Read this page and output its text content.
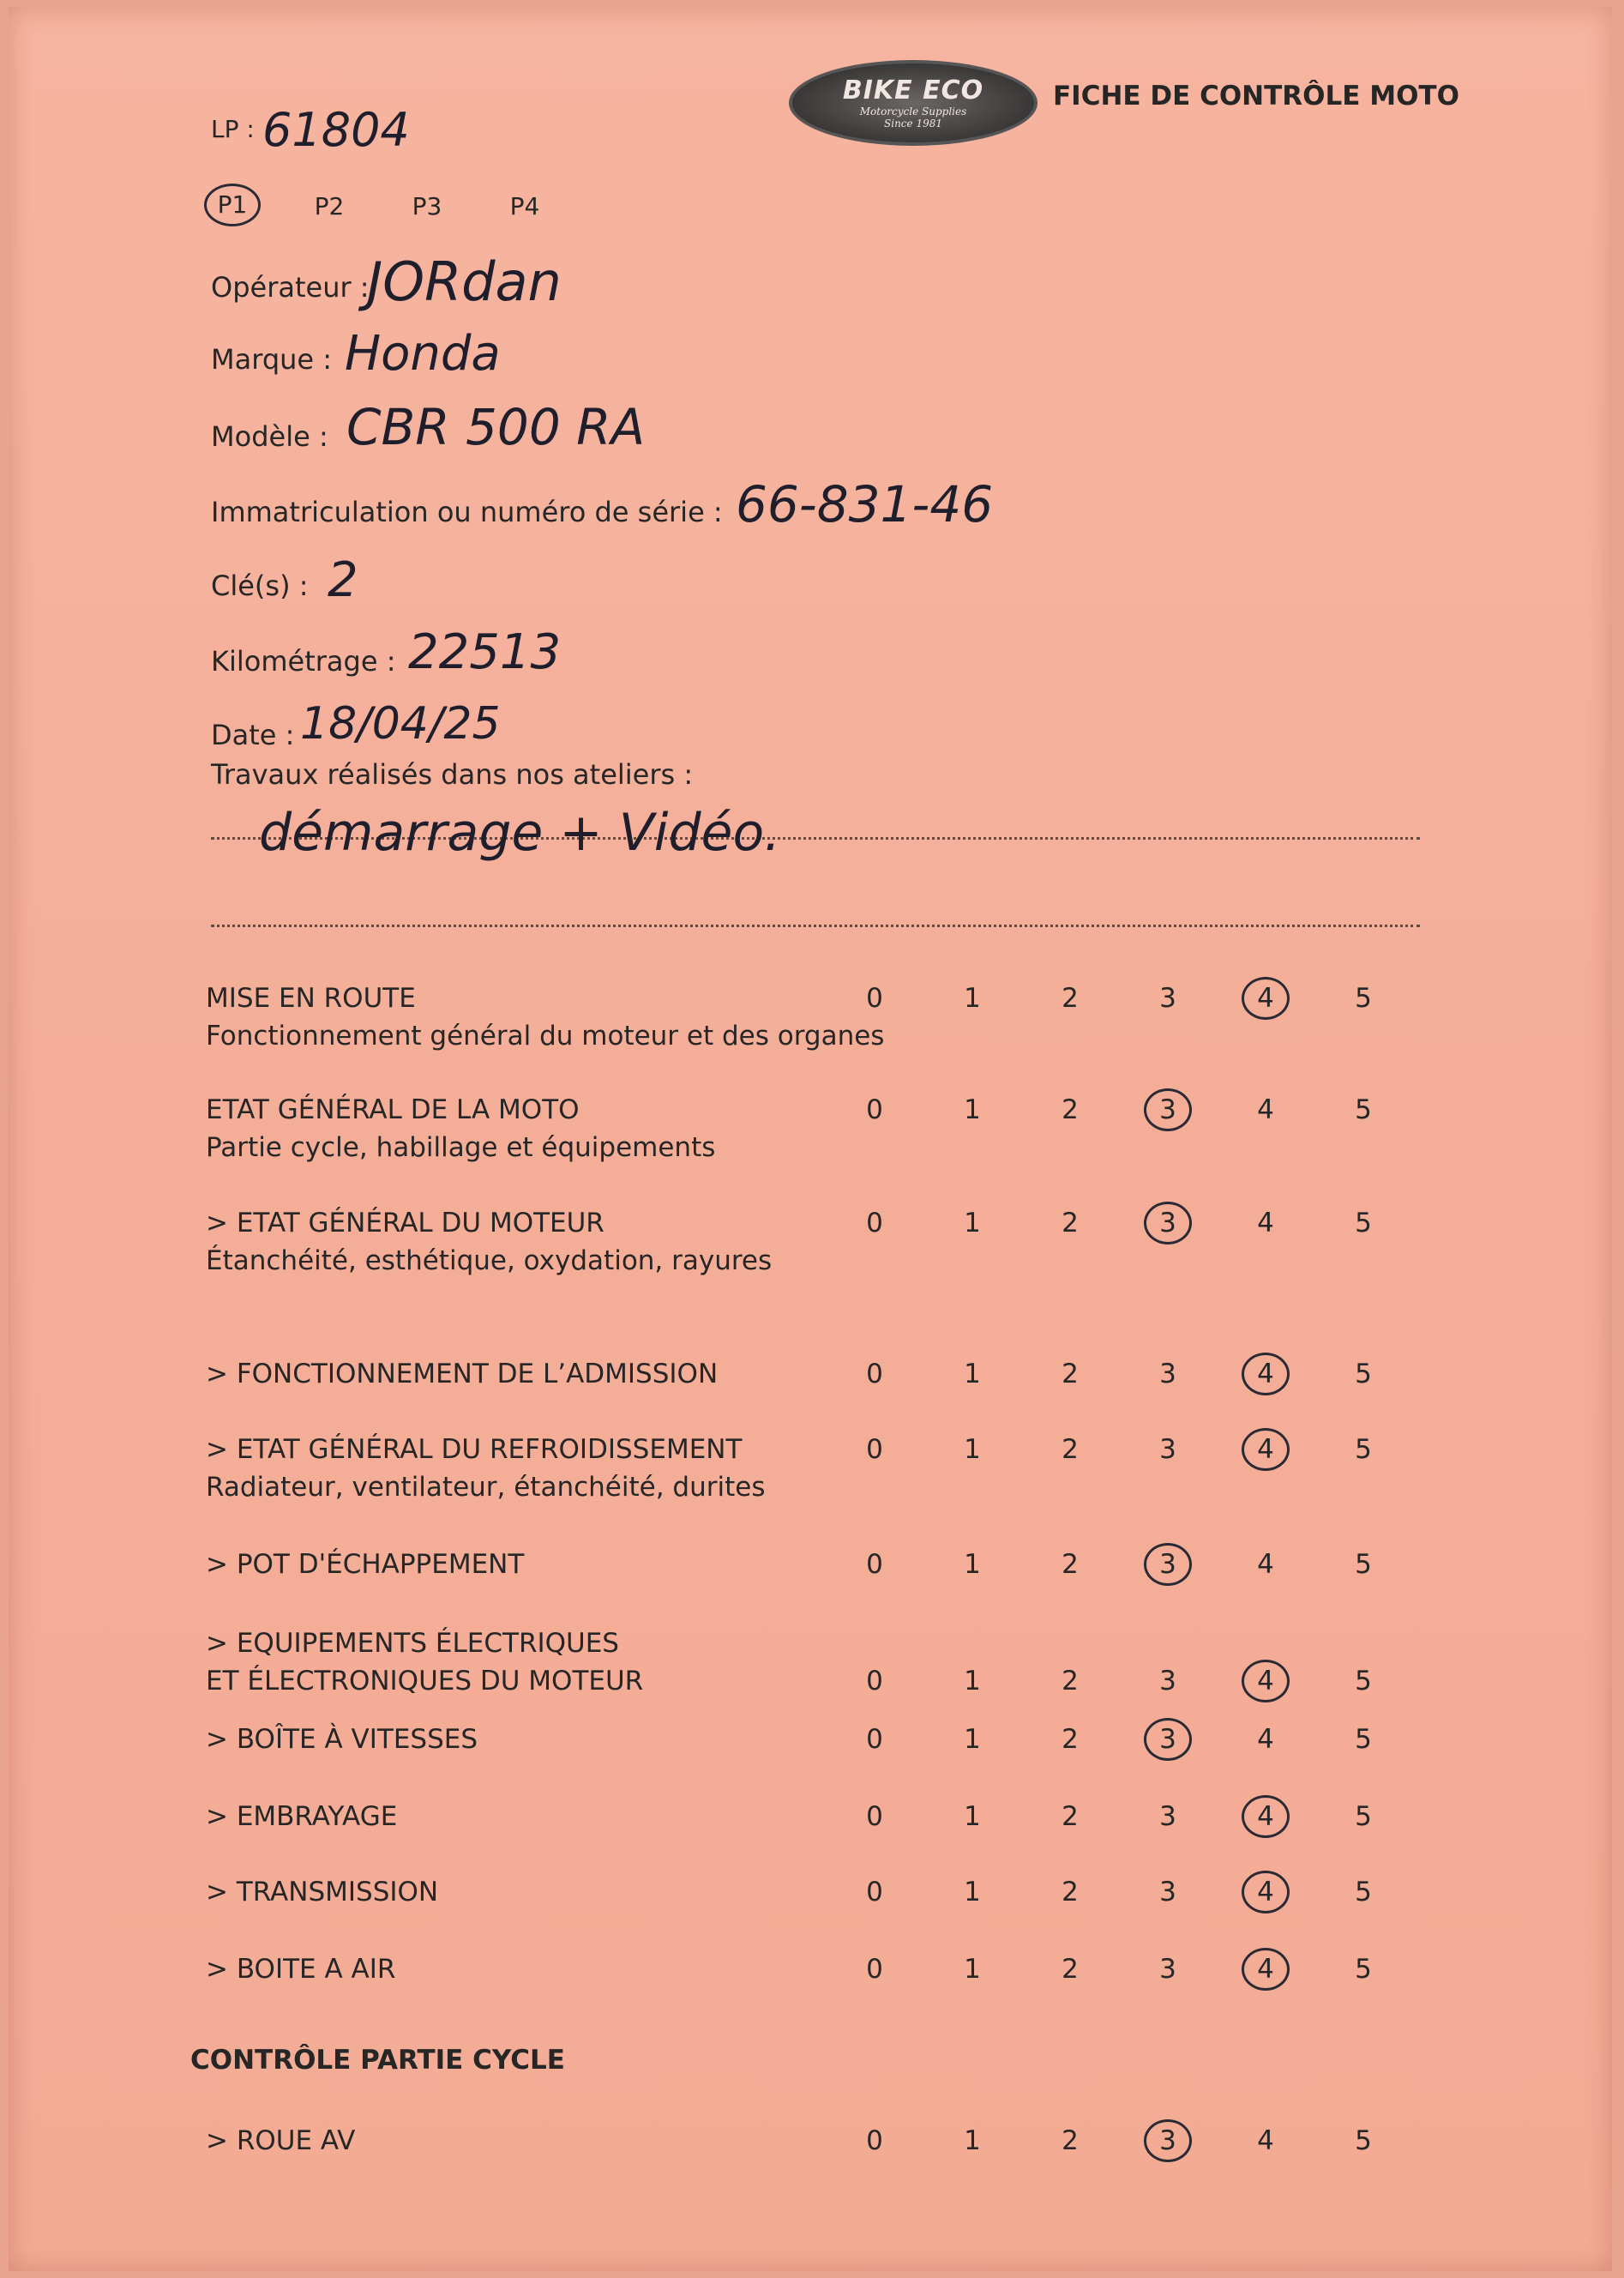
BIKE ECO
Motorcycle Supplies
Since 1981
FICHE DE CONTRÔLE MOTO
LP : 61804
P1	P2	P3	P4
Opérateur :
JORdan
Marque : Honda
Modèle : CBR 500 RA
Immatriculation ou numéro de série : 66-831-46
Clé(s) : 2
Kilométrage : 22513
Date : 18/04/25
Travaux réalisés dans nos ateliers :
démarrage + Vidéo.
MISE EN ROUTE
Fonctionnement général du moteur et des organes
0	1	2	3	4	5
ETAT GÉNÉRAL DE LA MOTO
Partie cycle, habillage et équipements
0	1	2	3	4	5
> ETAT GÉNÉRAL DU MOTEUR
Étanchéité, esthétique, oxydation, rayures
0	1	2	3	4	5
> FONCTIONNEMENT DE L’ADMISSION	0	1	2	3	4	5
> ETAT GÉNÉRAL DU REFROIDISSEMENT
Radiateur, ventilateur, étanchéité, durites
0	1	2	3	4	5
> POT D'ÉCHAPPEMENT	0	1	2	3	4	5
> EQUIPEMENTS ÉLECTRIQUES
ET ÉLECTRONIQUES DU MOTEUR	0	1	2	3	4	5
> BOÎTE À VITESSES	0	1	2	3	4	5
> EMBRAYAGE	0	1	2	3	4	5
> TRANSMISSION	0	1	2	3	4	5
> BOITE A AIR	0	1	2	3	4	5
> ROUE AV	0	1	2	3	4	5
CONTRÔLE PARTIE CYCLE
